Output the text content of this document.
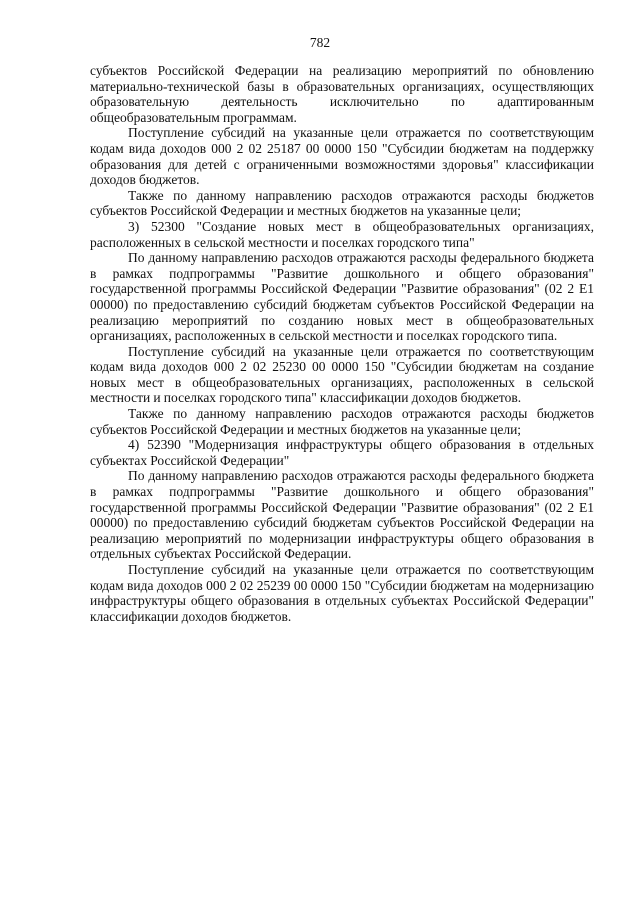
782

субъектов Российской Федерации на реализацию мероприятий по обновлению материально-технической базы в образовательных организациях, осуществляющих образовательную деятельность исключительно по адаптированным общеобразовательным программам.

Поступление субсидий на указанные цели отражается по соответствующим кодам вида доходов 000 2 02 25187 00 0000 150 "Субсидии бюджетам на поддержку образования для детей с ограниченными возможностями здоровья" классификации доходов бюджетов.

Также по данному направлению расходов отражаются расходы бюджетов субъектов Российской Федерации и местных бюджетов на указанные цели;

3) 52300 "Создание новых мест в общеобразовательных организациях, расположенных в сельской местности и поселках городского типа"

По данному направлению расходов отражаются расходы федерального бюджета в рамках подпрограммы "Развитие дошкольного и общего образования" государственной программы Российской Федерации "Развитие образования" (02 2 E1 00000) по предоставлению субсидий бюджетам субъектов Российской Федерации на реализацию мероприятий по созданию новых мест в общеобразовательных организациях, расположенных в сельской местности и поселках городского типа.

Поступление субсидий на указанные цели отражается по соответствующим кодам вида доходов 000 2 02 25230 00 0000 150 "Субсидии бюджетам на создание новых мест в общеобразовательных организациях, расположенных в сельской местности и поселках городского типа" классификации доходов бюджетов.

Также по данному направлению расходов отражаются расходы бюджетов субъектов Российской Федерации и местных бюджетов на указанные цели;

4) 52390 "Модернизация инфраструктуры общего образования в отдельных субъектах Российской Федерации"

По данному направлению расходов отражаются расходы федерального бюджета в рамках подпрограммы "Развитие дошкольного и общего образования" государственной программы Российской Федерации "Развитие образования" (02 2 E1 00000) по предоставлению субсидий бюджетам субъектов Российской Федерации на реализацию мероприятий по модернизации инфраструктуры общего образования в отдельных субъектах Российской Федерации.

Поступление субсидий на указанные цели отражается по соответствующим кодам вида доходов 000 2 02 25239 00 0000 150 "Субсидии бюджетам на модернизацию инфраструктуры общего образования в отдельных субъектах Российской Федерации" классификации доходов бюджетов.
